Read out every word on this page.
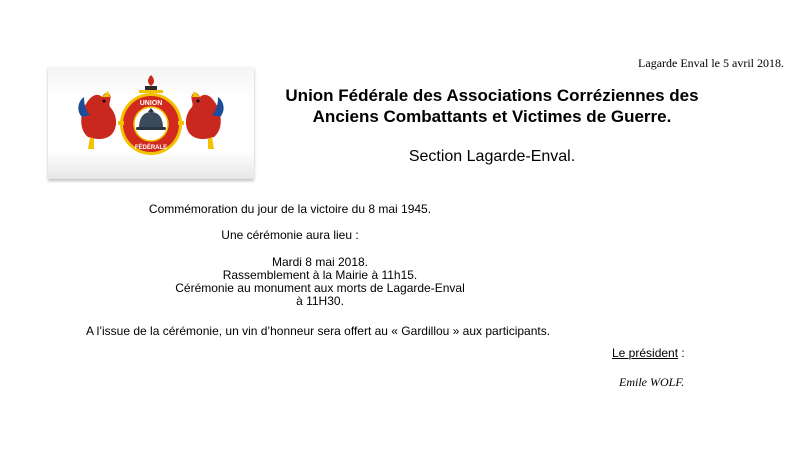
Lagarde Enval le 5 avril 2018.
UNION
FÉDÉRALE
Union Fédérale des Associations Corréziennes des
Anciens Combattants et Victimes de Guerre.
Section Lagarde-Enval.
Commémoration du jour de la victoire du 8 mai 1945.
Une cérémonie aura lieu :
Mardi 8 mai 2018.
Rassemblement à la Mairie à 11h15.
Cérémonie au monument aux morts de Lagarde-Enval
à 11H30.
A l’issue de la cérémonie, un vin d’honneur sera offert au « Gardillou » aux participants.
Le président :
Emile WOLF.
